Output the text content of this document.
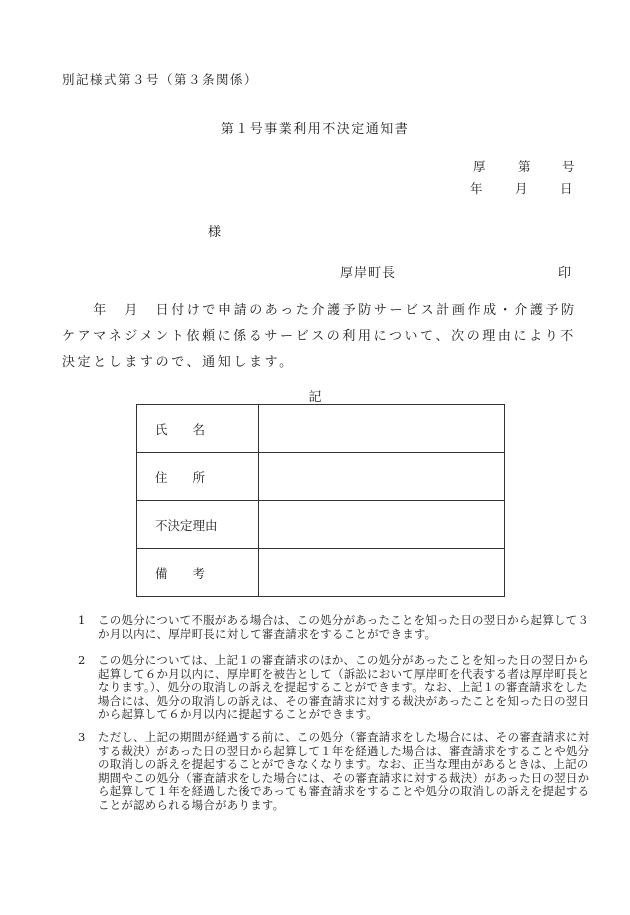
別記様式第３号（第３条関係）
第１号事業利用不決定通知書
厚	第	号
年	月	日
様
厚岸町長	印
　　年　月　日付けで申請のあった介護予防サービス計画作成・介護予防ケアマネジメント依頼に係るサービスの利用について、次の理由により不決定としますので、通知します。
記
氏　　名	
住　　所	
不決定理由	
備　　考	
1 この処分について不服がある場合は、この処分があったことを知った日の翌日から起算して３か月以内に、厚岸町長に対して審査請求をすることができます。
2 この処分については、上記１の審査請求のほか、この処分があったことを知った日の翌日から起算して６か月以内に、厚岸町を被告として（訴訟において厚岸町を代表する者は厚岸町長となります。）、処分の取消しの訴えを提起することができます。なお、上記１の審査請求をした場合には、処分の取消しの訴えは、その審査請求に対する裁決があったことを知った日の翌日から起算して６か月以内に提起することができます。
3 ただし、上記の期間が経過する前に、この処分（審査請求をした場合には、その審査請求に対する裁決）があった日の翌日から起算して１年を経過した場合は、審査請求をすることや処分の取消しの訴えを提起することができなくなります。なお、正当な理由があるときは、上記の期間やこの処分（審査請求をした場合には、その審査請求に対する裁決）があった日の翌日から起算して１年を経過した後であっても審査請求をすることや処分の取消しの訴えを提起することが認められる場合があります。
